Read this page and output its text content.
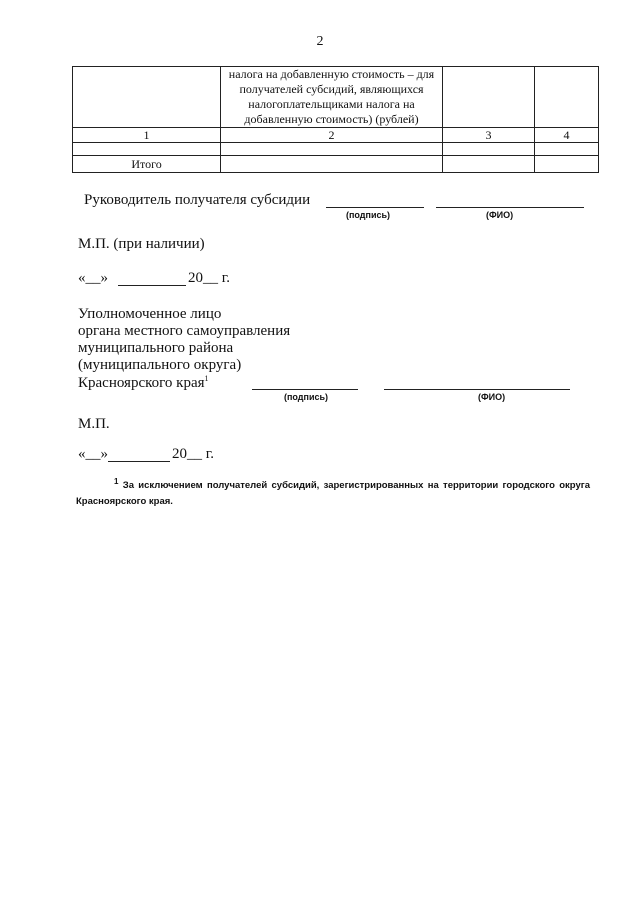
2
	налога на добавленную стоимость – для получателей субсидий, являющихся налогоплательщиками налога на добавленную стоимость) (рублей)		
1	2	3	4

Итого			
Руководитель получателя субсидии
(подпись)	(ФИО)
М.П. (при наличии)
«__»	20__ г.
Уполномоченное лицо
органа местного самоуправления
муниципального района
(муниципального округа)
Красноярского края$^1$
(подпись)	(ФИО)
М.П.
«__»	20__ г.
$^1$ За исключением получателей субсидий, зарегистрированных на территории городского округа Красноярского края.
